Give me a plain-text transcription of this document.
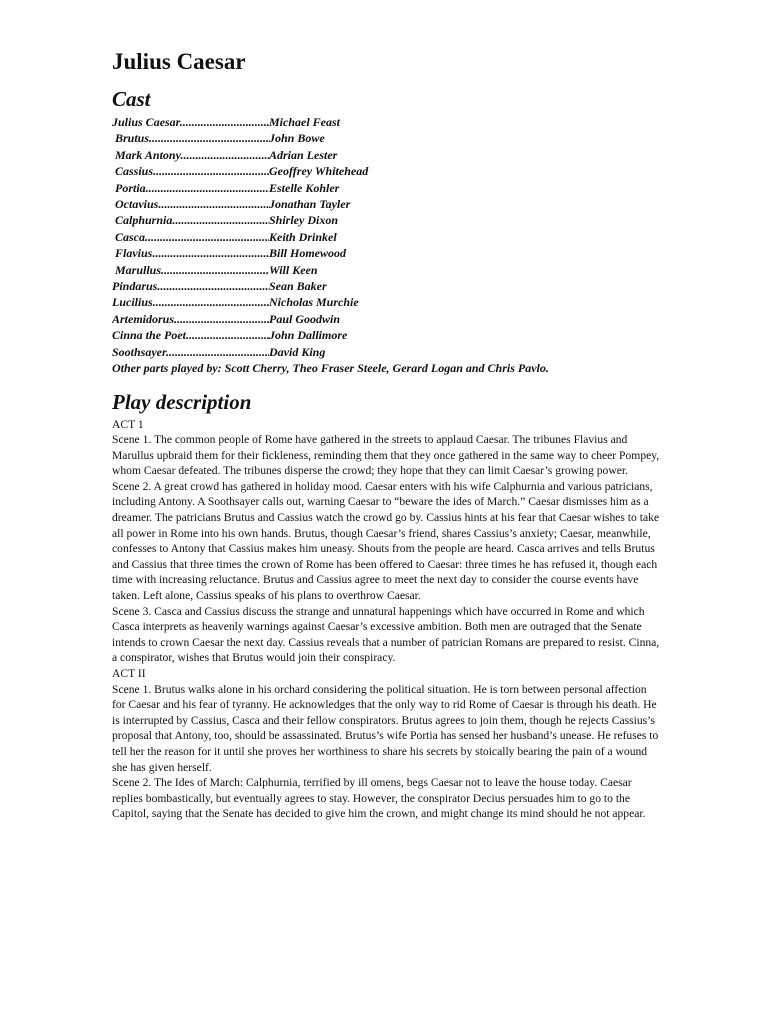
Julius Caesar
Cast
Julius Caesar .....	Michael Feast
Brutus .....	John Bowe
Mark Antony .....	Adrian Lester
Cassius .....	Geoffrey Whitehead
Portia .....	Estelle Kohler
Octavius .....	Jonathan Tayler
Calphurnia .....	Shirley Dixon
Casca .....	Keith Drinkel
Flavius .....	Bill Homewood
Marullus .....	Will Keen
Pindarus .....	Sean Baker
Lucilius .....	Nicholas Murchie
Artemidorus .....	Paul Goodwin
Cinna the Poet .....	John Dallimore
Soothsayer .....	David King

Other parts played by: Scott Cherry, Theo Fraser Steele, Gerard Logan and Chris Pavlo.

Play description

ACT 1

Scene 1. The common people of Rome have gathered in the streets to applaud Caesar. The tribunes Flavius and Marullus upbraid them for their fickleness, reminding them that they once gathered in the same way to cheer Pompey, whom Caesar defeated. The tribunes disperse the crowd; they hope that they can limit Caesar’s growing power.

Scene 2. A great crowd has gathered in holiday mood. Caesar enters with his wife Calphurnia and various patricians, including Antony. A Soothsayer calls out, warning Caesar to “beware the ides of March.” Caesar dismisses him as a dreamer. The patricians Brutus and Cassius watch the crowd go by. Cassius hints at his fear that Caesar wishes to take all power in Rome into his own hands. Brutus, though Caesar’s friend, shares Cassius’s anxiety; Caesar, meanwhile, confesses to Antony that Cassius makes him uneasy. Shouts from the people are heard. Casca arrives and tells Brutus and Cassius that three times the crown of Rome has been offered to Caesar: three times he has refused it, though each time with increasing reluctance. Brutus and Cassius agree to meet the next day to consider the course events have taken. Left alone, Cassius speaks of his plans to overthrow Caesar.

Scene 3. Casca and Cassius discuss the strange and unnatural happenings which have occurred in Rome and which Casca interprets as heavenly warnings against Caesar’s excessive ambition. Both men are outraged that the Senate intends to crown Caesar the next day. Cassius reveals that a number of patrician Romans are prepared to resist. Cinna, a conspirator, wishes that Brutus would join their conspiracy.

ACT II

Scene 1. Brutus walks alone in his orchard considering the political situation. He is torn between personal affection for Caesar and his fear of tyranny. He acknowledges that the only way to rid Rome of Caesar is through his death. He is interrupted by Cassius, Casca and their fellow conspirators. Brutus agrees to join them, though he rejects Cassius’s proposal that Antony, too, should be assassinated. Brutus’s wife Portia has sensed her husband’s unease. He refuses to tell her the reason for it until she proves her worthiness to share his secrets by stoically bearing the pain of a wound she has given herself.

Scene 2. The Ides of March: Calphurnia, terrified by ill omens, begs Caesar not to leave the house today. Caesar replies bombastically, but eventually agrees to stay. However, the conspirator Decius persuades him to go to the Capitol, saying that the Senate has decided to give him the crown, and might change its mind should he not appear.
